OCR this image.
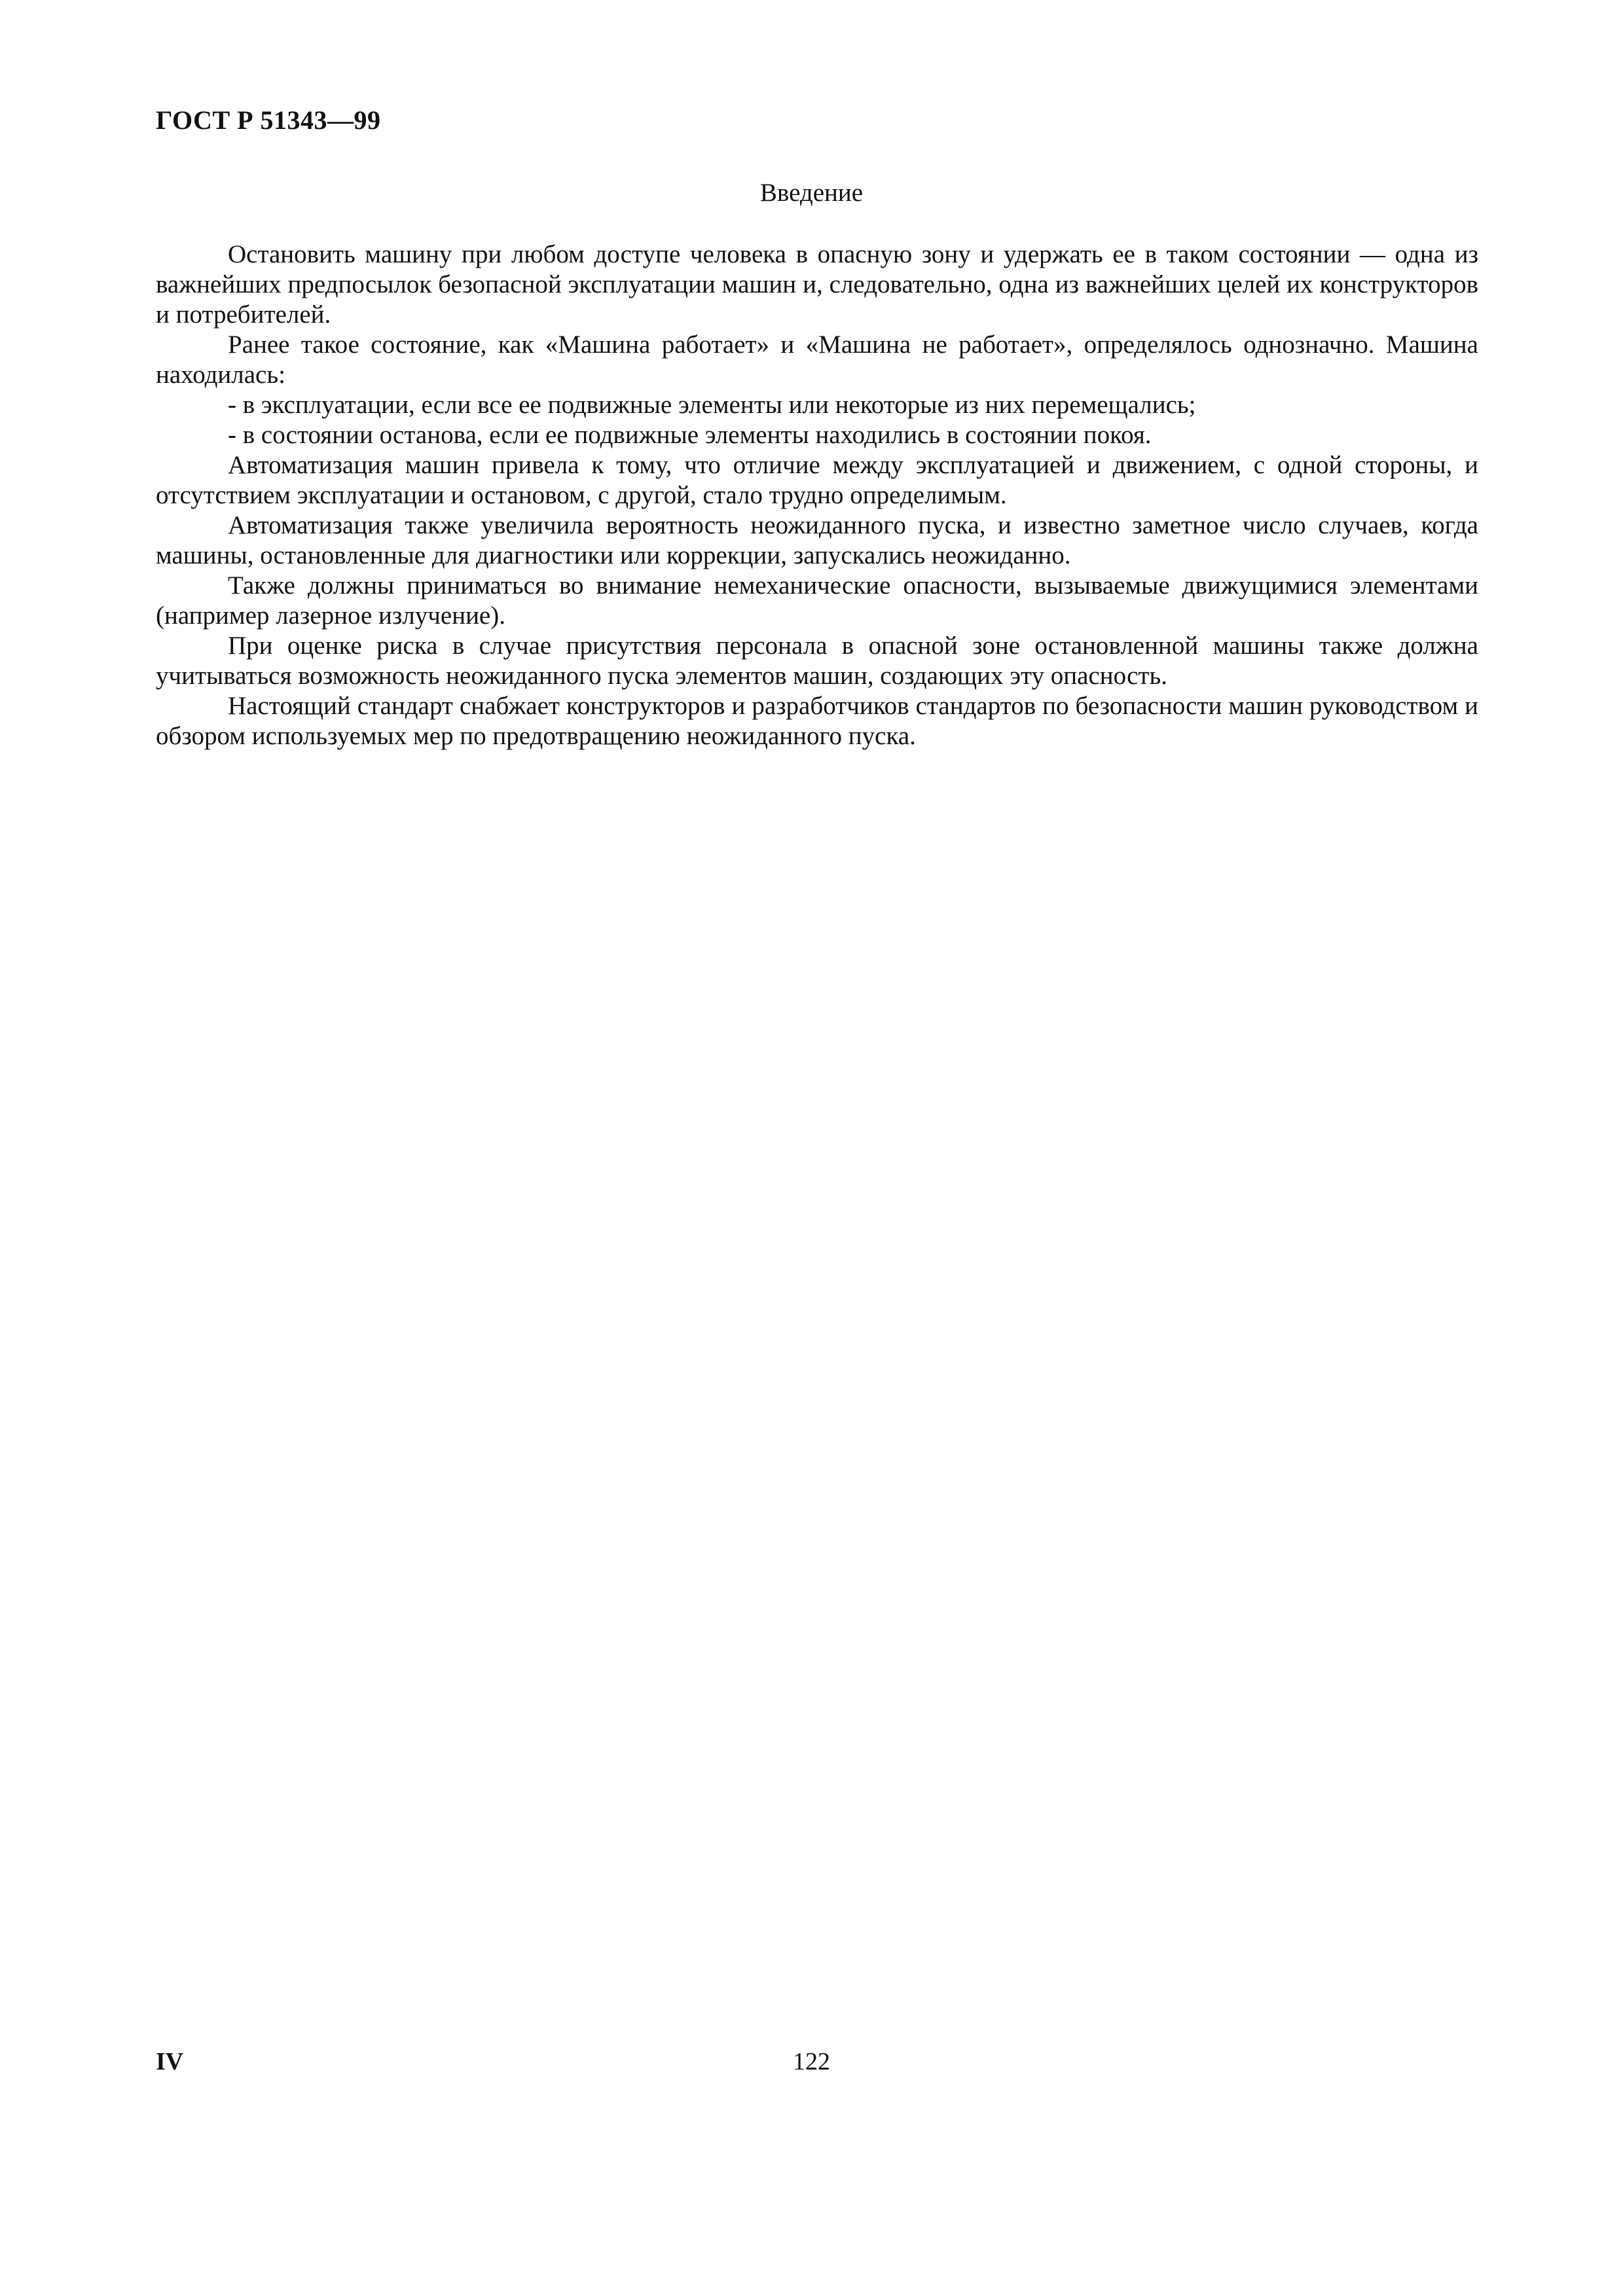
ГОСТ Р 51343—99
Введение

Остановить машину при любом доступе человека в опасную зону и удержать ее в таком состоянии — одна из важнейших предпосылок безопасной эксплуатации машин и, следовательно, одна из важнейших целей их конструкторов и потребителей.

Ранее такое состояние, как «Машина работает» и «Машина не работает», определялось однозначно. Машина находилась:

- в эксплуатации, если все ее подвижные элементы или некоторые из них перемещались;

- в состоянии останова, если ее подвижные элементы находились в состоянии покоя.

Автоматизация машин привела к тому, что отличие между эксплуатацией и движением, с одной стороны, и отсутствием эксплуатации и остановом, с другой, стало трудно определимым.

Автоматизация также увеличила вероятность неожиданного пуска, и известно заметное число случаев, когда машины, остановленные для диагностики или коррекции, запускались неожиданно.

Также должны приниматься во внимание немеханические опасности, вызываемые движущимися элементами (например лазерное излучение).

При оценке риска в случае присутствия персонала в опасной зоне остановленной машины также должна учитываться возможность неожиданного пуска элементов машин, создающих эту опасность.

Настоящий стандарт снабжает конструкторов и разработчиков стандартов по безопасности машин руководством и обзором используемых мер по предотвращению неожиданного пуска.

IV	122
